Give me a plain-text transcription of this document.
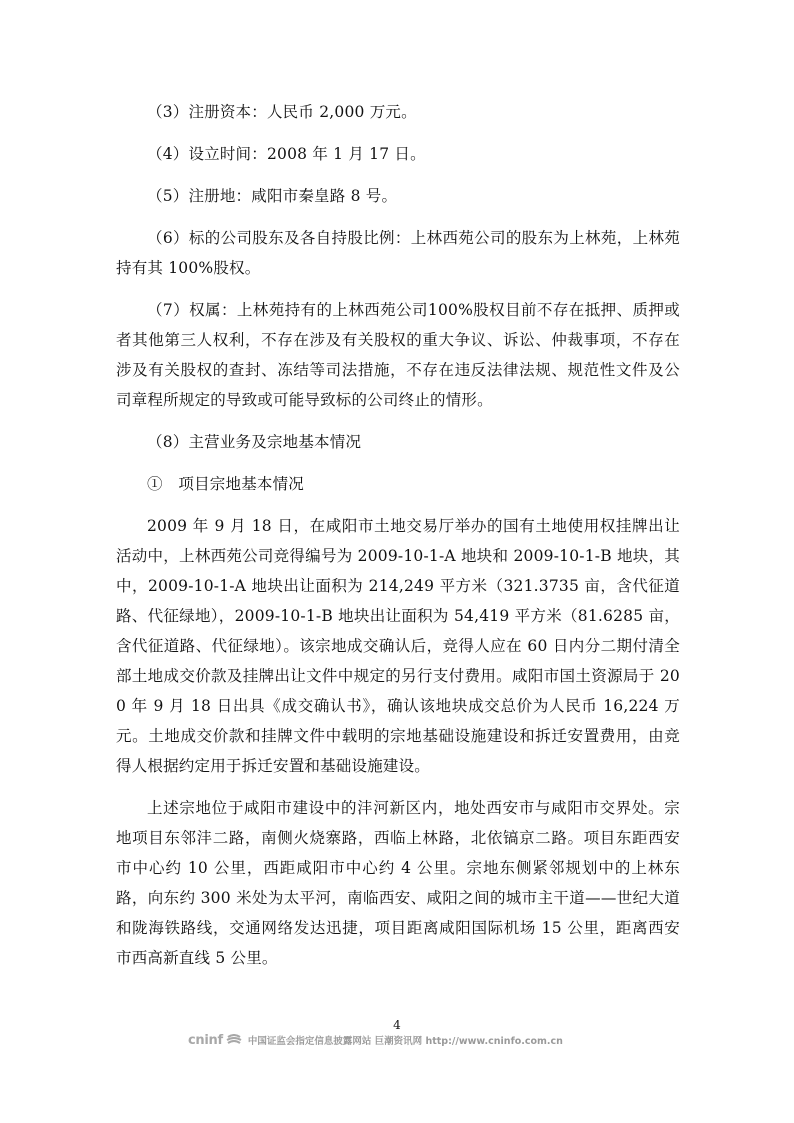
（3）注册资本：人民币 2,000 万元。

（4）设立时间：2008 年 1 月 17 日。

（5）注册地：咸阳市秦皇路 8 号。

（6）标的公司股东及各自持股比例：上林西苑公司的股东为上林苑，上林苑持有其 100%股权。

（7）权属：上林苑持有的上林西苑公司100%股权目前不存在抵押、质押或者其他第三人权利，不存在涉及有关股权的重大争议、诉讼、仲裁事项，不存在涉及有关股权的查封、冻结等司法措施，不存在违反法律法规、规范性文件及公司章程所规定的导致或可能导致标的公司终止的情形。

（8）主营业务及宗地基本情况

①　项目宗地基本情况

2009 年 9 月 18 日，在咸阳市土地交易厅举办的国有土地使用权挂牌出让活动中，上林西苑公司竞得编号为 2009-10-1-A 地块和 2009-10-1-B 地块，其中，2009-10-1-A 地块出让面积为 214,249 平方米（321.3735 亩，含代征道路、代征绿地），2009-10-1-B 地块出让面积为 54,419 平方米（81.6285 亩，含代征道路、代征绿地）。该宗地成交确认后，竞得人应在 60 日内分二期付清全部土地成交价款及挂牌出让文件中规定的另行支付费用。咸阳市国土资源局于 200 年 9 月 18 日出具《成交确认书》，确认该地块成交总价为人民币 16,224 万元。土地成交价款和挂牌文件中载明的宗地基础设施建设和拆迁安置费用，由竞得人根据约定用于拆迁安置和基础设施建设。

上述宗地位于咸阳市建设中的沣河新区内，地处西安市与咸阳市交界处。宗地项目东邻沣二路，南侧火烧寨路，西临上林路，北依镐京二路。项目东距西安市中心约 10 公里，西距咸阳市中心约 4 公里。宗地东侧紧邻规划中的上林东路，向东约 300 米处为太平河，南临西安、咸阳之间的城市主干道——世纪大道和陇海铁路线，交通网络发达迅捷，项目距离咸阳国际机场 15 公里，距离西安市西高新直线 5 公里。

4
cninf	中国证监会指定信息披露网站 巨潮资讯网 http://www.cninfo.com.cn
